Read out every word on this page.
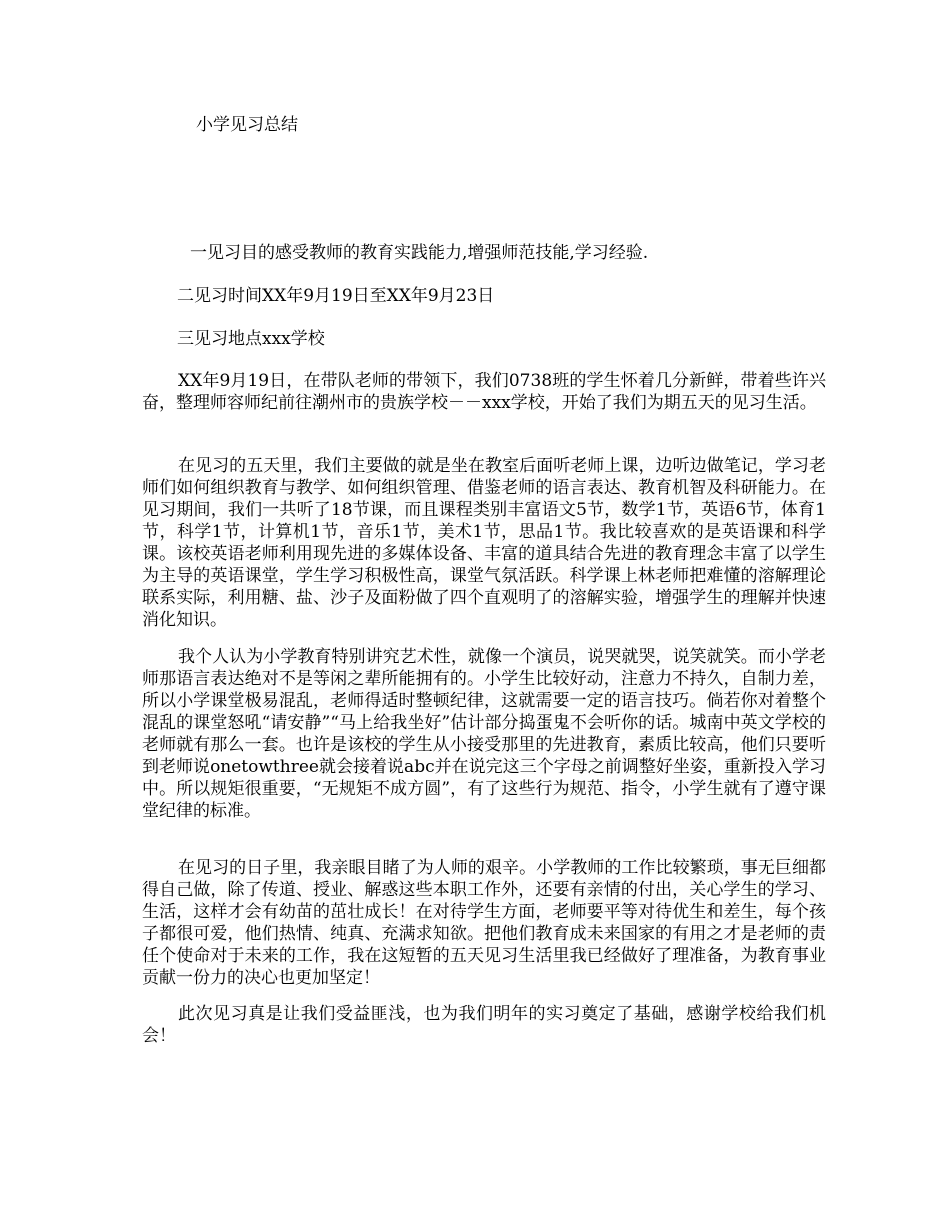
小学见习总结

一见习目的感受教师的教育实践能力,增强师范技能,学习经验.

二见习时间XX年9月19日至XX年9月23日

三见习地点xxx学校

XX年9月19日，在带队老师的带领下，我们0738班的学生怀着几分新鲜，带着些许兴奋，整理师容师纪前往潮州市的贵族学校－－xxx学校，开始了我们为期五天的见习生活。

在见习的五天里，我们主要做的就是坐在教室后面听老师上课，边听边做笔记，学习老师们如何组织教育与教学、如何组织管理、借鉴老师的语言表达、教育机智及科研能力。在见习期间，我们一共听了18节课，而且课程类别丰富语文5节，数学1节，英语6节，体育1节，科学1节，计算机1节，音乐1节，美术1节，思品1节。我比较喜欢的是英语课和科学课。该校英语老师利用现先进的多媒体设备、丰富的道具结合先进的教育理念丰富了以学生为主导的英语课堂，学生学习积极性高，课堂气氛活跃。科学课上林老师把难懂的溶解理论联系实际，利用糖、盐、沙子及面粉做了四个直观明了的溶解实验，增强学生的理解并快速消化知识。

我个人认为小学教育特别讲究艺术性，就像一个演员，说哭就哭，说笑就笑。而小学老师那语言表达绝对不是等闲之辈所能拥有的。小学生比较好动，注意力不持久，自制力差，所以小学课堂极易混乱，老师得适时整顿纪律，这就需要一定的语言技巧。倘若你对着整个混乱的课堂怒吼“请安静”“马上给我坐好”估计部分捣蛋鬼不会听你的话。城南中英文学校的老师就有那么一套。也许是该校的学生从小接受那里的先进教育，素质比较高，他们只要听到老师说onetowthree就会接着说abc并在说完这三个字母之前调整好坐姿，重新投入学习中。所以规矩很重要，“无规矩不成方圆”，有了这些行为规范、指令，小学生就有了遵守课堂纪律的标准。

在见习的日子里，我亲眼目睹了为人师的艰辛。小学教师的工作比较繁琐，事无巨细都得自己做，除了传道、授业、解惑这些本职工作外，还要有亲情的付出，关心学生的学习、生活，这样才会有幼苗的茁壮成长！在对待学生方面，老师要平等对待优生和差生，每个孩子都很可爱，他们热情、纯真、充满求知欲。把他们教育成未来国家的有用之才是老师的责任个使命对于未来的工作，我在这短暂的五天见习生活里我已经做好了理准备，为教育事业贡献一份力的决心也更加坚定！

此次见习真是让我们受益匪浅，也为我们明年的实习奠定了基础，感谢学校给我们机会！
